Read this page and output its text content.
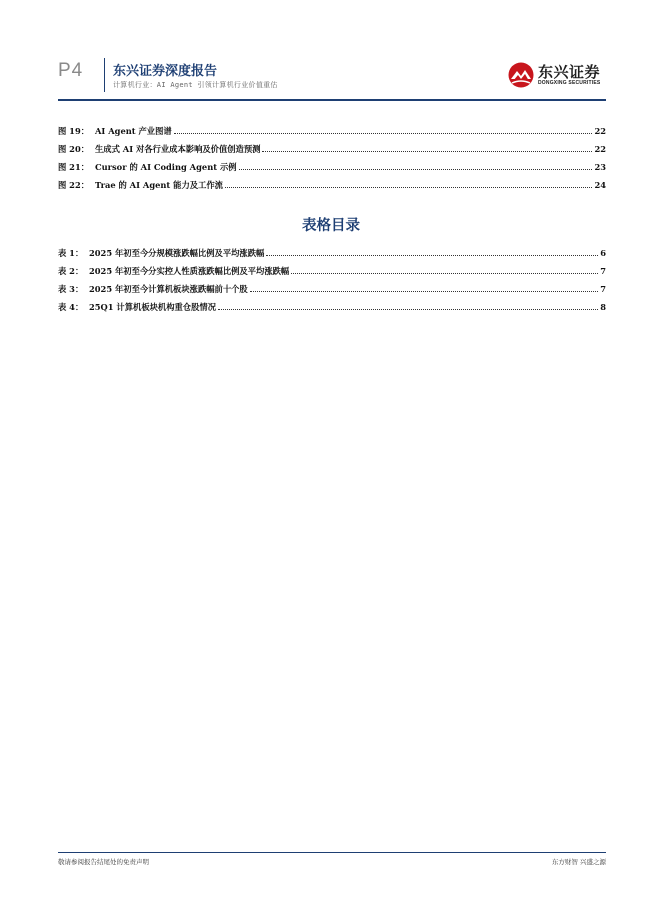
P4 东兴证券深度报告
计算机行业：AI Agent 引领计算机行业价值重估
东兴证券
DONGXING SECURITIES
图 19： AI Agent 产业图谱	22
图 20： 生成式 AI 对各行业成本影响及价值创造预测	22
图 21： Cursor 的 AI Coding Agent 示例	23
图 22： Trae 的 AI Agent 能力及工作流	24
表格目录
表 1： 2025 年初至今分规模涨跌幅比例及平均涨跌幅	6
表 2： 2025 年初至今分实控人性质涨跌幅比例及平均涨跌幅	7
表 3： 2025 年初至今计算机板块涨跌幅前十个股	7
表 4： 25Q1 计算机板块机构重仓股情况	8
敬请参阅报告结尾处的免责声明	东方财智 兴盛之源
